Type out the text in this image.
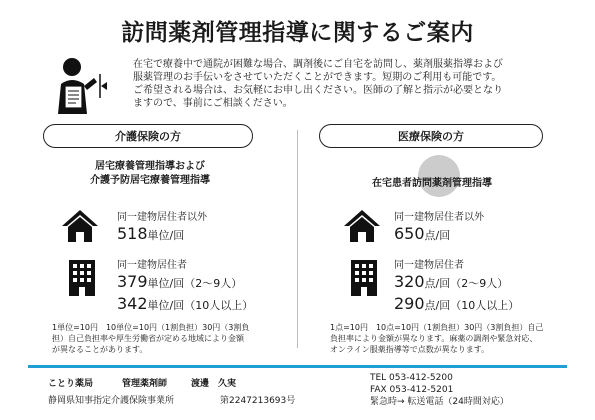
訪問薬剤管理指導に関するご案内
在宅で療養中で通院が困難な場合、調剤後にご自宅を訪問し、薬剤服薬指導および
服薬管理のお手伝いをさせていただくことができます。短期のご利用も可能です。
ご希望される場合は、お気軽にお申し出ください。医師の了解と指示が必要となり
ますので、事前にご相談ください。
介護保険の方	医療保険の方
居宅療養管理指導および
介護予防居宅療養管理指導
同一建物居住者以外
518単位/回
同一建物居住者
379単位/回（2～9人）
342単位/回（10人以上）
1単位=10円　10単位=10円（1割負担）30円（3割負
担）自己負担率や厚生労働省が定める地域により金額
が異なることがあります。
在宅患者訪問薬剤管理指導
同一建物居住者以外
650点/回
同一建物居住者
320点/回（2～9人）
290点/回（10人以上）
1点=10円　10点=10円（1割負担）30円（3割負担）自己
負担率により金額が異なります。麻薬の調剤や緊急対応、
オンライン服薬指導等で点数が異なります。
ことり薬局	管理薬剤師	渡邊　久実
静岡県知事指定介護保険事業所	第2247213693号
TEL 053-412-5200
FAX 053-412-5201
緊急時→ 転送電話（24時間対応）
